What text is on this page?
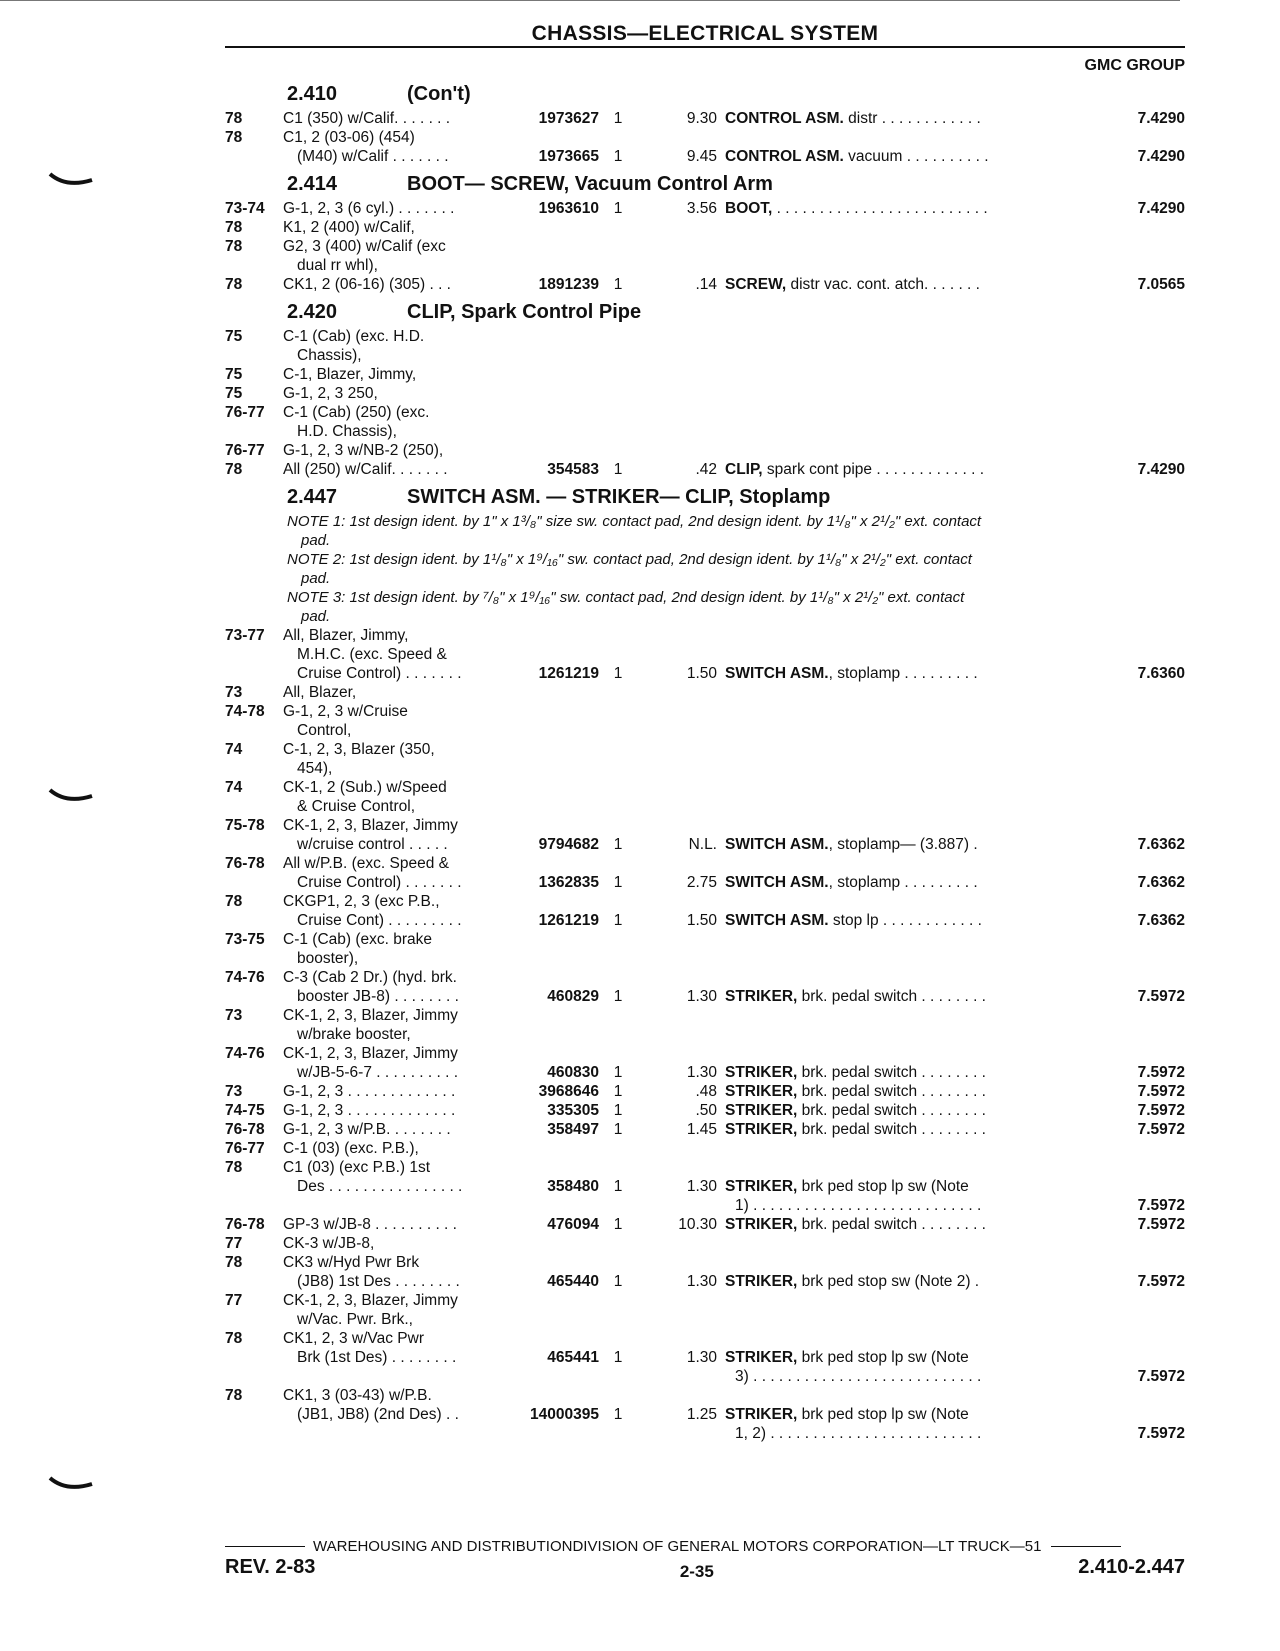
CHASSIS—ELECTRICAL SYSTEM
GMC GROUP
2.410	(Con't)
78	C1 (350) w/Calif. . . . . . .	1973627 1	9.30 CONTROL ASM. distr . . . . . . . . . . . .	7.4290
78	C1, 2 (03-06) (454)
(M40) w/Calif . . . . . . .	1973665 1	9.45 CONTROL ASM. vacuum . . . . . . . . . .	7.4290
2.414	BOOT— SCREW, Vacuum Control Arm
73-74	G-1, 2, 3 (6 cyl.) . . . . . . .	1963610 1	3.56 BOOT, . . . . . . . . . . . . . . . . . . . . . . . . .	7.4290
78	K1, 2 (400) w/Calif,
78	G2, 3 (400) w/Calif (exc
dual rr whl),
78	CK1, 2 (06-16) (305) . . .	1891239 1	.14 SCREW, distr vac. cont. atch. . . . . . .	7.0565
2.420	CLIP, Spark Control Pipe
75	C-1 (Cab) (exc. H.D.
Chassis),
75	C-1, Blazer, Jimmy,
75	G-1, 2, 3 250,
76-77	C-1 (Cab) (250) (exc.
H.D. Chassis),
76-77	G-1, 2, 3 w/NB-2 (250),
78	All (250) w/Calif. . . . . . .	354583 1	.42 CLIP, spark cont pipe . . . . . . . . . . . . .	7.4290
2.447	SWITCH ASM. — STRIKER— CLIP, Stoplamp
NOTE 1: 1st design ident. by 1" x 1³/₈" size sw. contact pad, 2nd design ident. by 1¹/₈" x 2¹/₂" ext. contact
pad.
NOTE 2: 1st design ident. by 1¹/₈" x 1⁹/₁₆" sw. contact pad, 2nd design ident. by 1¹/₈" x 2¹/₂" ext. contact
pad.
NOTE 3: 1st design ident. by ⁷/₈" x 1⁹/₁₆" sw. contact pad, 2nd design ident. by 1¹/₈" x 2¹/₂" ext. contact
pad.
73-77	All, Blazer, Jimmy,
M.H.C. (exc. Speed &
Cruise Control) . . . . . . .	1261219 1	1.50 SWITCH ASM., stoplamp . . . . . . . . .	7.6360
73	All, Blazer,
74-78	G-1, 2, 3 w/Cruise
Control,
74	C-1, 2, 3, Blazer (350,
454),
74	CK-1, 2 (Sub.) w/Speed
& Cruise Control,
75-78	CK-1, 2, 3, Blazer, Jimmy
w/cruise control . . . . .	9794682 1	N.L. SWITCH ASM., stoplamp— (3.887) .	7.6362
76-78	All w/P.B. (exc. Speed &
Cruise Control) . . . . . . .	1362835 1	2.75 SWITCH ASM., stoplamp . . . . . . . . .	7.6362
78	CKGP1, 2, 3 (exc P.B.,
Cruise Cont) . . . . . . . . .	1261219 1	1.50 SWITCH ASM. stop lp . . . . . . . . . . . .	7.6362
73-75	C-1 (Cab) (exc. brake
booster),
74-76	C-3 (Cab 2 Dr.) (hyd. brk.
booster JB-8) . . . . . . . .	460829 1	1.30 STRIKER, brk. pedal switch . . . . . . . .	7.5972
73	CK-1, 2, 3, Blazer, Jimmy
w/brake booster,
74-76	CK-1, 2, 3, Blazer, Jimmy
w/JB-5-6-7 . . . . . . . . . .	460830 1	1.30 STRIKER, brk. pedal switch . . . . . . . .	7.5972
73	G-1, 2, 3 . . . . . . . . . . . . .	3968646 1	.48 STRIKER, brk. pedal switch . . . . . . . .	7.5972
74-75	G-1, 2, 3 . . . . . . . . . . . . .	335305 1	.50 STRIKER, brk. pedal switch . . . . . . . .	7.5972
76-78	G-1, 2, 3 w/P.B. . . . . . . .	358497 1	1.45 STRIKER, brk. pedal switch . . . . . . . .	7.5972
76-77	C-1 (03) (exc. P.B.),
78	C1 (03) (exc P.B.) 1st
Des . . . . . . . . . . . . . . . .	358480 1	1.30 STRIKER, brk ped stop lp sw (Note
1) . . . . . . . . . . . . . . . . . . . . . . . . . . .	7.5972
76-78	GP-3 w/JB-8 . . . . . . . . . .	476094 1	10.30 STRIKER, brk. pedal switch . . . . . . . .	7.5972
77	CK-3 w/JB-8,
78	CK3 w/Hyd Pwr Brk
(JB8) 1st Des . . . . . . . .	465440 1	1.30 STRIKER, brk ped stop sw (Note 2) .	7.5972
77	CK-1, 2, 3, Blazer, Jimmy
w/Vac. Pwr. Brk.,
78	CK1, 2, 3 w/Vac Pwr
Brk (1st Des) . . . . . . . .	465441 1	1.30 STRIKER, brk ped stop lp sw (Note
3) . . . . . . . . . . . . . . . . . . . . . . . . . . .	7.5972
78	CK1, 3 (03-43) w/P.B.
(JB1, JB8) (2nd Des) . .	14000395 1	1.25 STRIKER, brk ped stop lp sw (Note
1, 2) . . . . . . . . . . . . . . . . . . . . . . . . .	7.5972
WAREHOUSING AND DISTRIBUTIONDIVISION OF GENERAL MOTORS CORPORATION—LT TRUCK—51
REV. 2-83	2-35	2.410-2.447
